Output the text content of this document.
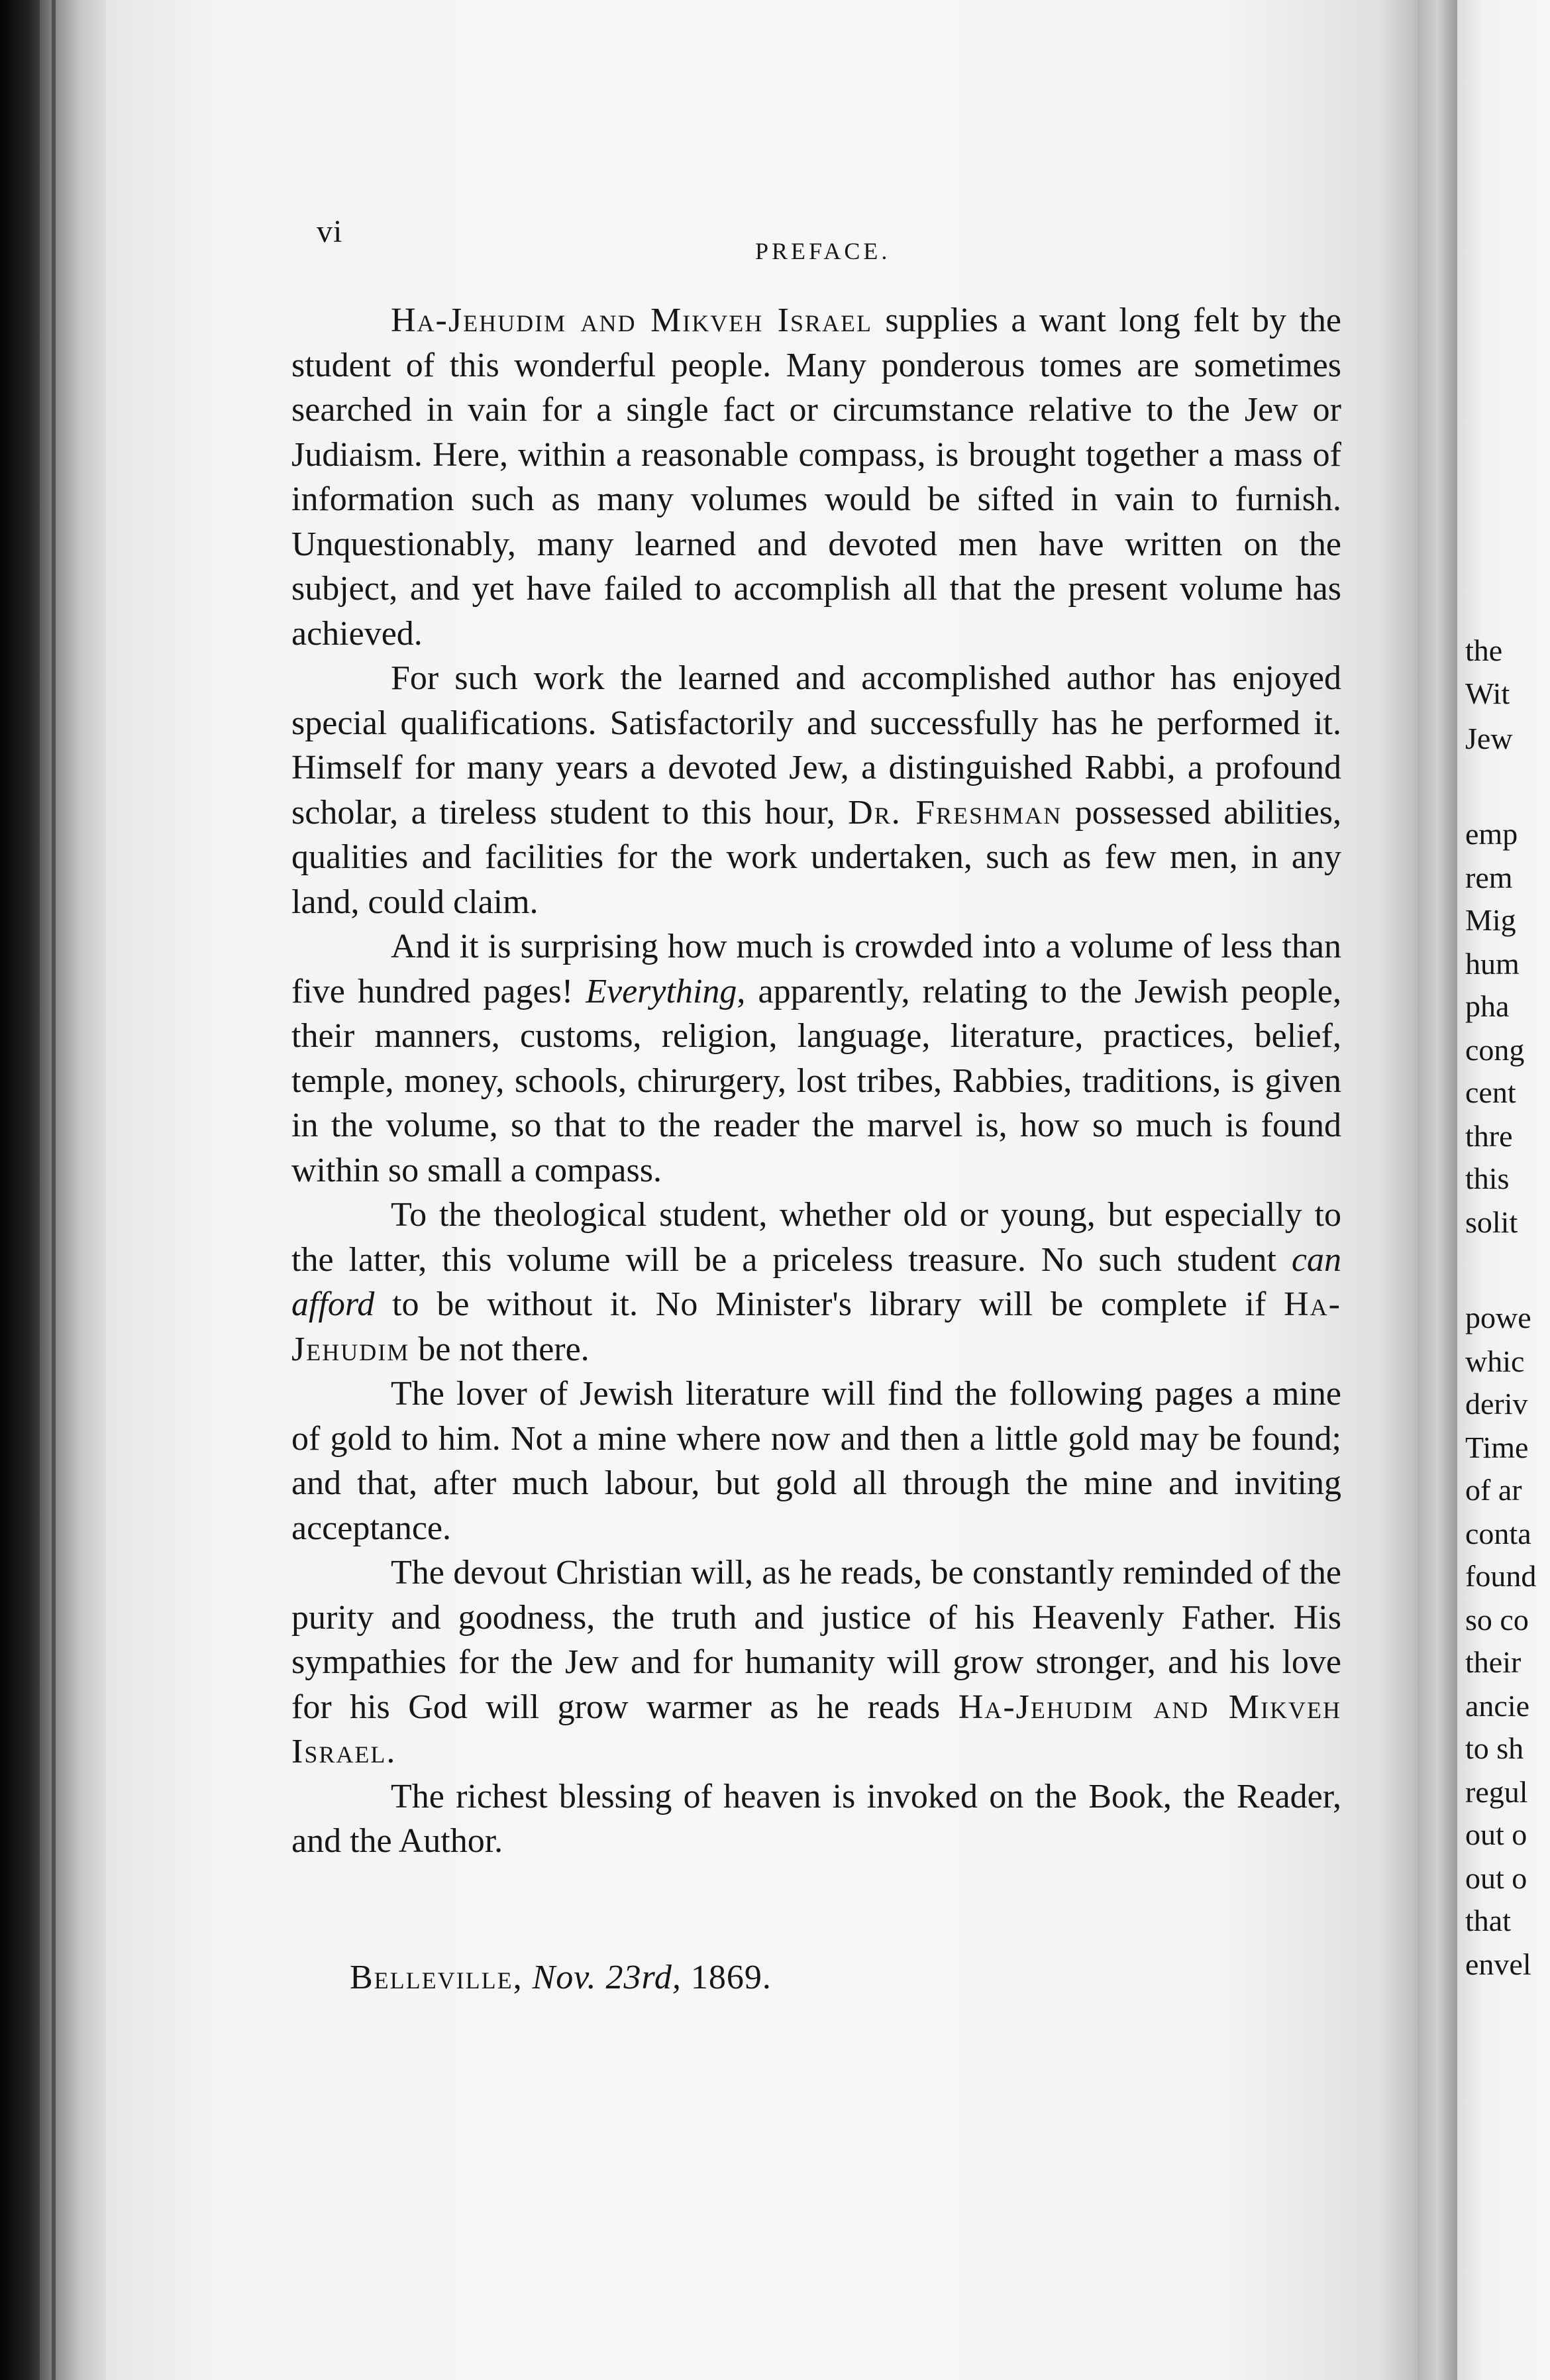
the
Wit
Jew
emp
rem
Mig
hum
pha
cong
cent
thre
this
solit
powe
whic
deriv
Time
of ar
conta
found
so co
their
ancie
to sh
regul
out o
out o
that
envel
vi
PREFACE.

Ha-Jehudim and Mikveh Israel supplies a want long felt by the student of this wonderful people. Many ponderous tomes are sometimes searched in vain for a single fact or circumstance relative to the Jew or Judiaism. Here, within a reasonable compass, is brought together a mass of information such as many volumes would be sifted in vain to furnish. Unquestionably, many learned and devoted men have written on the subject, and yet have failed to accomplish all that the present volume has achieved.

For such work the learned and accomplished author has enjoyed special qualifications. Satisfactorily and successfully has he performed it. Himself for many years a devoted Jew, a distinguished Rabbi, a profound scholar, a tireless student to this hour, Dr. Freshman possessed abilities, qualities and facilities for the work undertaken, such as few men, in any land, could claim.

And it is surprising how much is crowded into a volume of less than five hundred pages! Everything, apparently, relating to the Jewish people, their manners, customs, religion, language, literature, practices, belief, temple, money, schools, chirurgery, lost tribes, Rabbies, traditions, is given in the volume, so that to the reader the marvel is, how so much is found within so small a compass.

To the theological student, whether old or young, but especially to the latter, this volume will be a priceless treasure. No such student can afford to be without it. No Minister's library will be complete if Ha-Jehudim be not there.

The lover of Jewish literature will find the following pages a mine of gold to him. Not a mine where now and then a little gold may be found; and that, after much labour, but gold all through the mine and inviting acceptance.

The devout Christian will, as he reads, be constantly reminded of the purity and goodness, the truth and justice of his Heavenly Father. His sympathies for the Jew and for humanity will grow stronger, and his love for his God will grow warmer as he reads Ha-Jehudim and Mikveh Israel.

The richest blessing of heaven is invoked on the Book, the Reader, and the Author.

Belleville, Nov. 23rd, 1869.
